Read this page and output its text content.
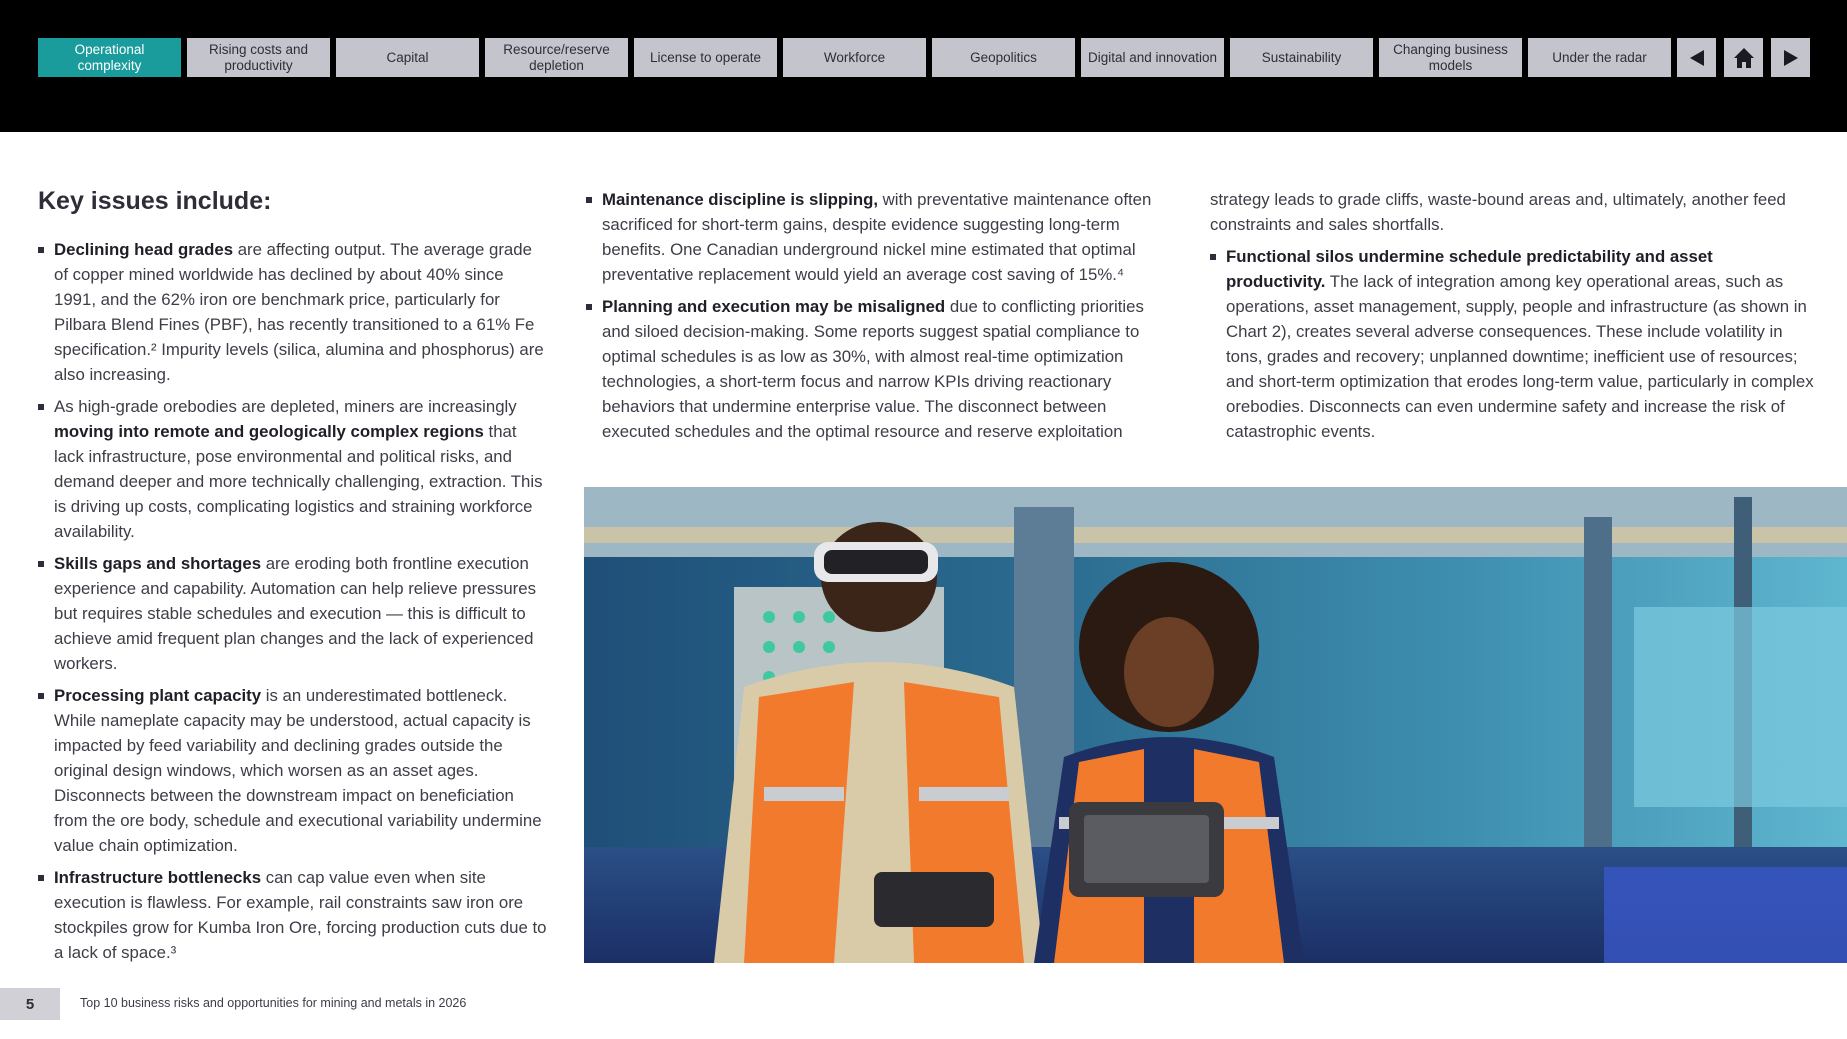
Operational complexity
Rising costs and productivity
Capital
Resource/reserve depletion
License to operate	Workforce	Geopolitics	Digital and innovation	Sustainability
Changing business models
Under the radar
Key issues include:
Declining head grades are affecting output. The average grade of copper mined worldwide has declined by about 40% since 1991, and the 62% iron ore benchmark price, particularly for Pilbara Blend Fines (PBF), has recently transitioned to a 61% Fe specification.² Impurity levels (silica, alumina and phosphorus) are also increasing.
As high-grade orebodies are depleted, miners are increasingly moving into remote and geologically complex regions that lack infrastructure, pose environmental and political risks, and demand deeper and more technically challenging, extraction. This is driving up costs, complicating logistics and straining workforce availability.
Skills gaps and shortages are eroding both frontline execution experience and capability. Automation can help relieve pressures but requires stable schedules and execution — this is difficult to achieve amid frequent plan changes and the lack of experienced workers.
Processing plant capacity is an underestimated bottleneck. While nameplate capacity may be understood, actual capacity is impacted by feed variability and declining grades outside the original design windows, which worsen as an asset ages. Disconnects between the downstream impact on beneficiation from the ore body, schedule and executional variability undermine value chain optimization.
Infrastructure bottlenecks can cap value even when site execution is flawless. For example, rail constraints saw iron ore stockpiles grow for Kumba Iron Ore, forcing production cuts due to a lack of space.³
Maintenance discipline is slipping, with preventative maintenance often sacrificed for short-term gains, despite evidence suggesting long-term benefits. One Canadian underground nickel mine estimated that optimal preventative replacement would yield an average cost saving of 15%.⁴
Planning and execution may be misaligned due to conflicting priorities and siloed decision-making. Some reports suggest spatial compliance to optimal schedules is as low as 30%, with almost real-time optimization technologies, a short-term focus and narrow KPIs driving reactionary behaviors that undermine enterprise value. The disconnect between executed schedules and the optimal resource and reserve exploitation
strategy leads to grade cliffs, waste-bound areas and, ultimately, another feed constraints and sales shortfalls.
Functional silos undermine schedule predictability and asset productivity. The lack of integration among key operational areas, such as operations, asset management, supply, people and infrastructure (as shown in Chart 2), creates several adverse consequences. These include volatility in tons, grades and recovery; unplanned downtime; inefficient use of resources; and short-term optimization that erodes long-term value, particularly in complex orebodies. Disconnects can even undermine safety and increase the risk of catastrophic events.
5	Top 10 business risks and opportunities for mining and metals in 2026
